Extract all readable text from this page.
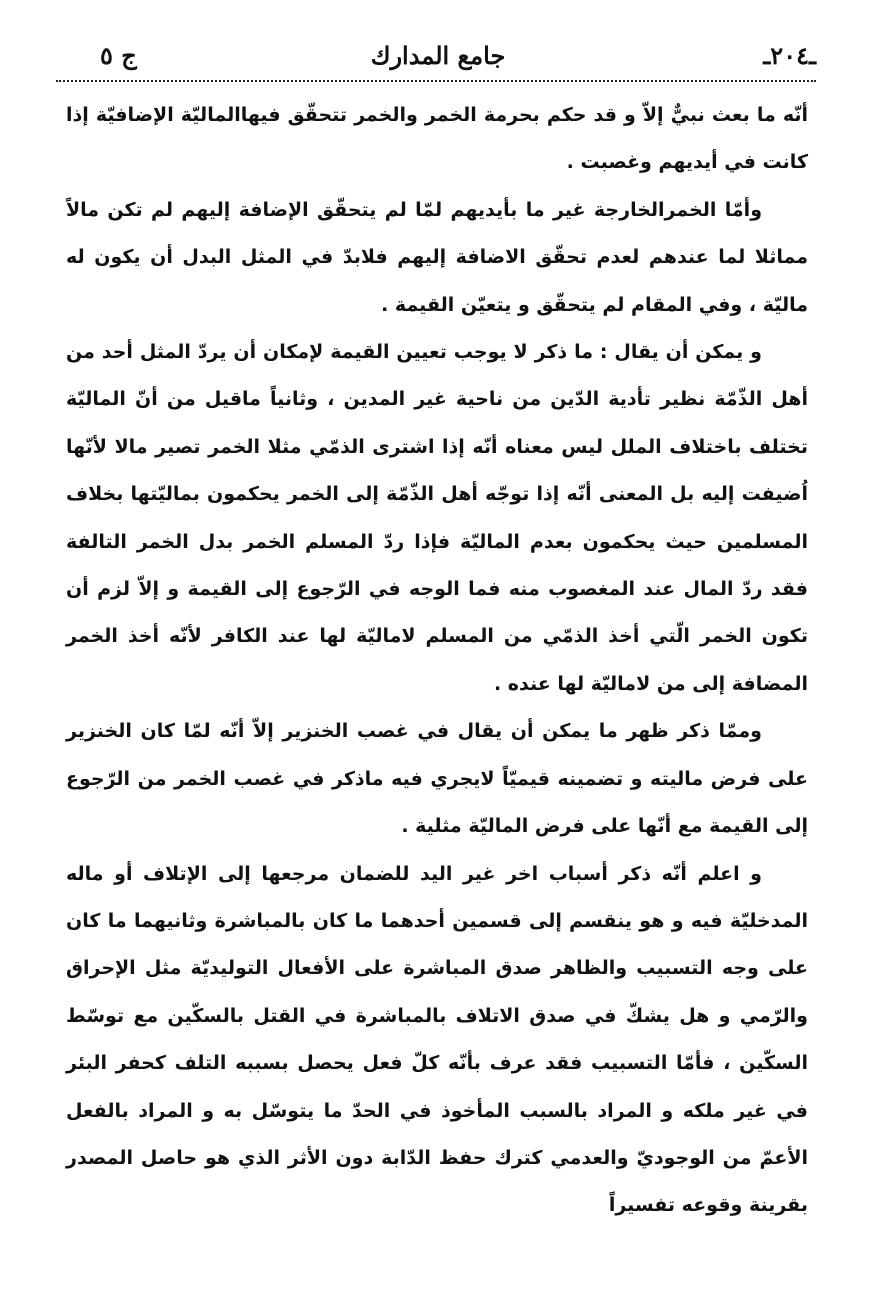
ـ٢٠٤ـ
جامع المدارك
ج ٥

أنّه ما بعث نبيٌّ إلاّ و قد حكم بحرمة الخمر والخمر تتحقّق فيهاالماليّة الإضافيّة إذا كانت في أيديهم وغصبت .

وأمّا الخمرالخارجة غير ما بأيديهم لمّا لم يتحقّق الإضافة إليهم لم تكن مالاً مماثلا لما عندهم لعدم تحقّق الاضافة إليهم فلابدّ في المثل البدل أن يكون له ماليّة ، وفي المقام لم يتحقّق و يتعيّن القيمة .

و يمكن أن يقال : ما ذكر لا يوجب تعيين القيمة لإمكان أن يردّ المثل أحد من أهل الذّمّة نظير تأدية الدّين من ناحية غير المدين ، وثانياً ماقيل من أنّ الماليّة تختلف باختلاف الملل ليس معناه أنّه إذا اشترى الذمّي مثلا الخمر تصير مالا لأنّها اُضيفت إليه بل المعنى أنّه إذا توجّه أهل الذّمّة إلى الخمر يحكمون بماليّتها بخلاف المسلمين حيث يحكمون بعدم الماليّة فإذا ردّ المسلم الخمر بدل الخمر التالفة فقد ردّ المال عند المغصوب منه فما الوجه في الرّجوع إلى القيمة و إلاّ لزم أن تكون الخمر الّتي أخذ الذمّي من المسلم لاماليّة لها عند الكافر لأنّه أخذ الخمر المضافة إلى من لاماليّة لها عنده .

وممّا ذكر ظهر ما يمكن أن يقال في غصب الخنزير إلاّ أنّه لمّا كان الخنزير على فرض ماليته و تضمينه قيميّاً لايجري فيه ماذكر في غصب الخمر من الرّجوع إلى القيمة مع أنّها على فرض الماليّة مثلية .

و اعلم أنّه ذكر أسباب اخر غير اليد للضمان مرجعها إلى الإتلاف أو ماله المدخليّة فيه و هو ينقسم إلى قسمين أحدهما ما كان بالمباشرة وثانيهما ما كان على وجه التسبيب والظاهر صدق المباشرة على الأفعال التوليديّة مثل الإحراق والرّمي و هل يشكّ في صدق الاتلاف بالمباشرة في القتل بالسكّين مع توسّط السكّين ، فأمّا التسبيب فقد عرف بأنّه كلّ فعل يحصل بسببه التلف كحفر البئر في غير ملكه و المراد بالسبب المأخوذ في الحدّ ما يتوسّل به و المراد بالفعل الأعمّ من الوجوديّ والعدمي كترك حفظ الدّابة دون الأثر الذي هو حاصل المصدر بقرينة وقوعه تفسيراً
